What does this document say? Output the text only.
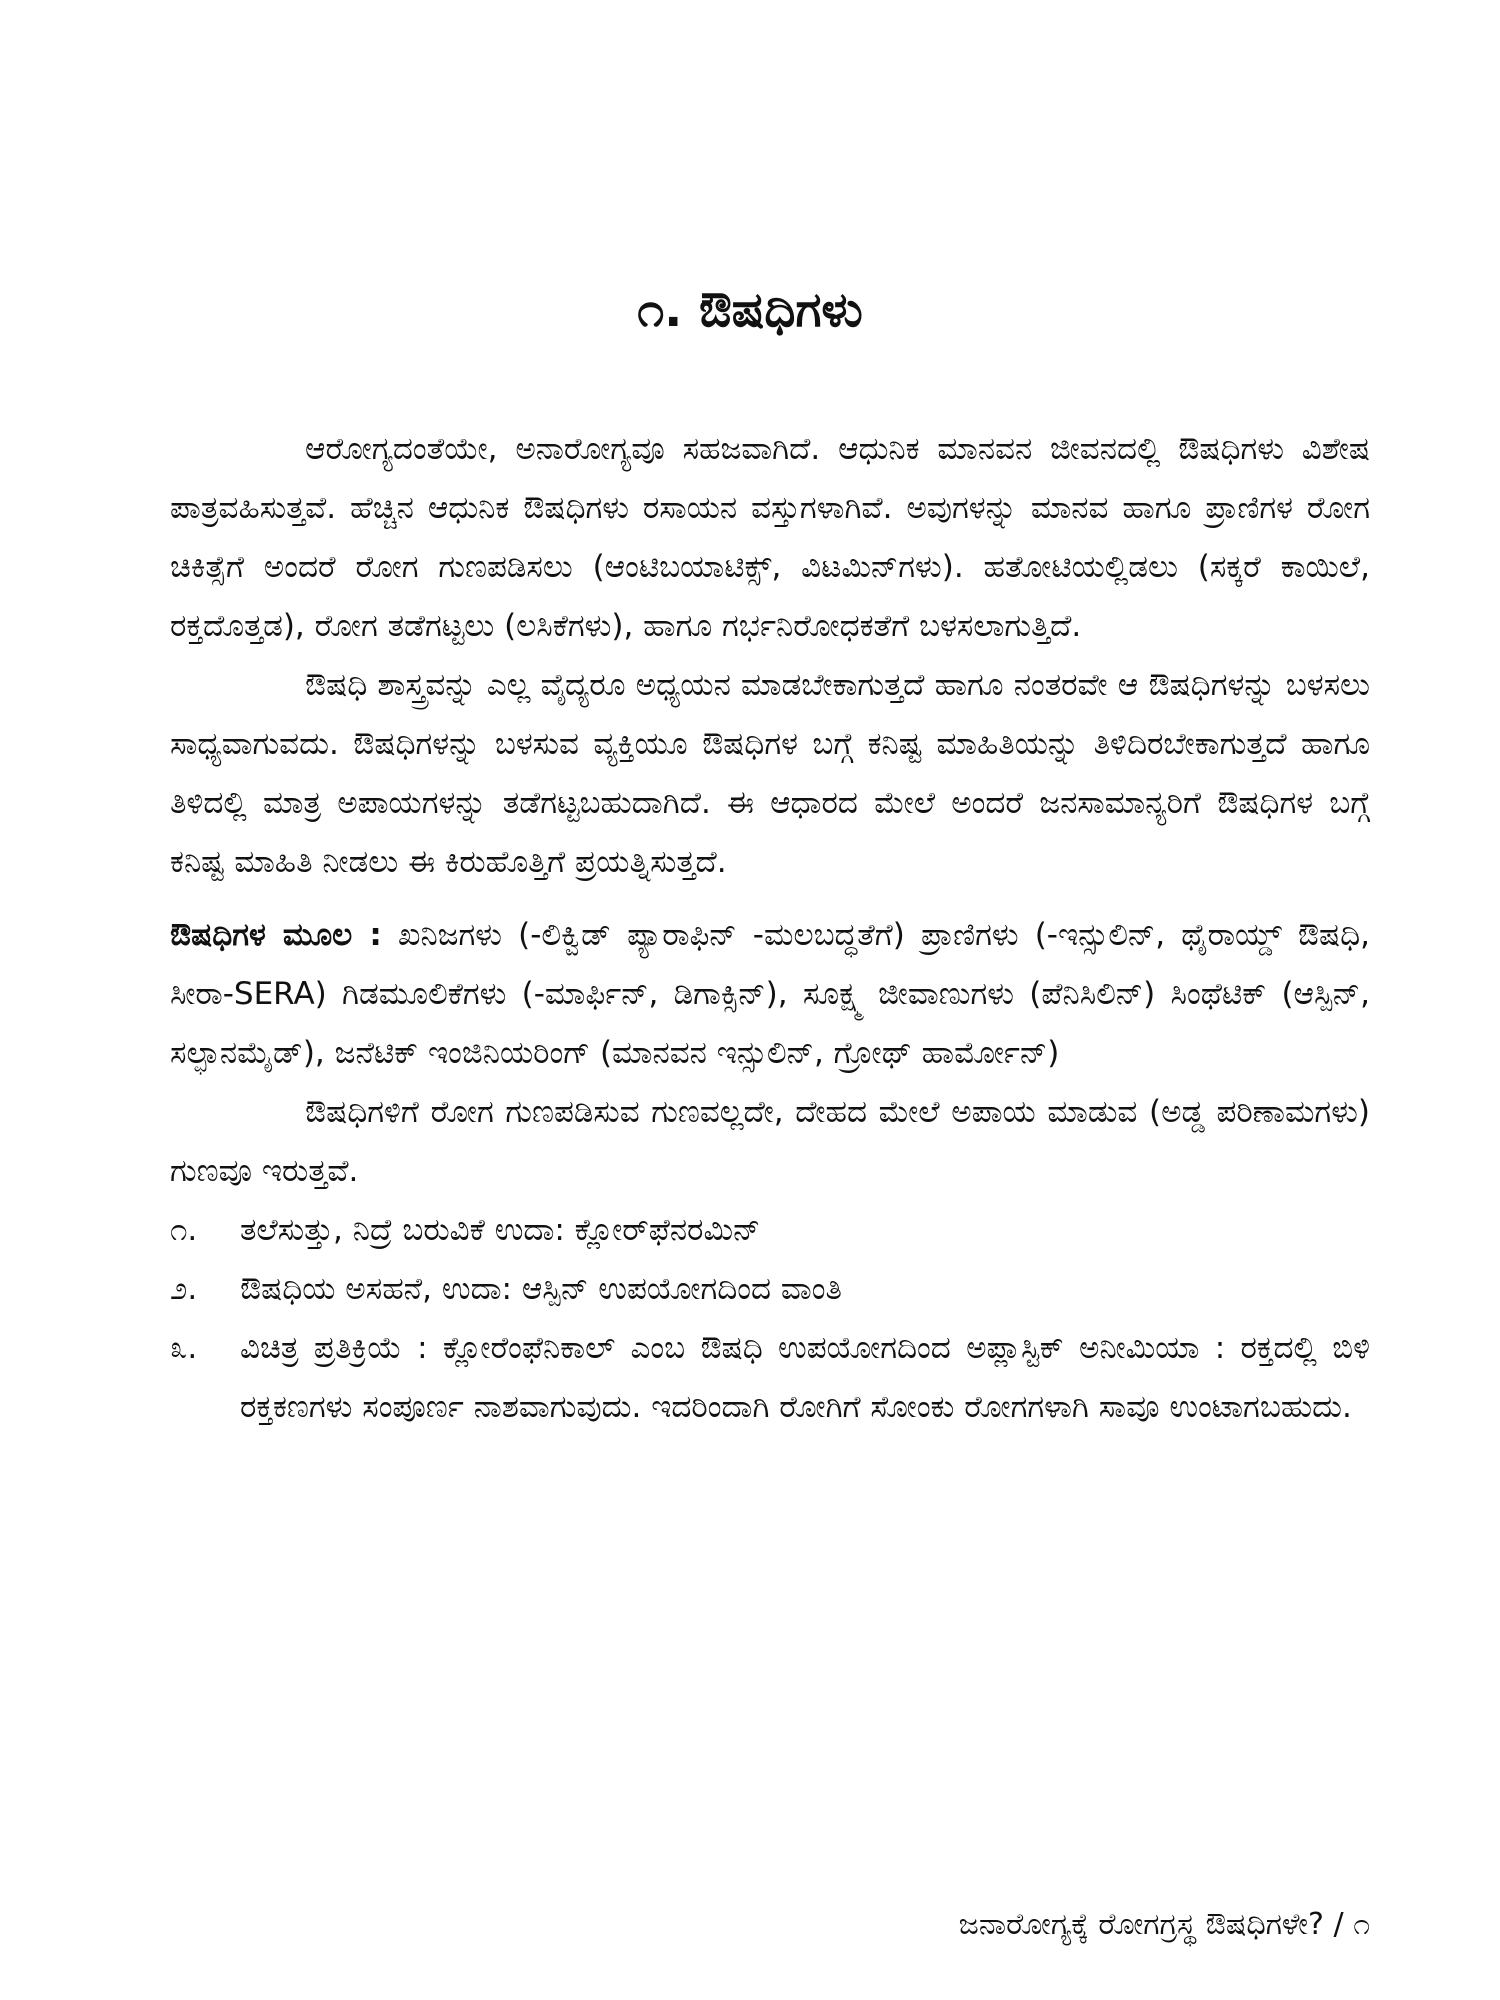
೧. ಔಷಧಿಗಳು

ಆರೋಗ್ಯದಂತೆಯೇ, ಅನಾರೋಗ್ಯವೂ ಸಹಜವಾಗಿದೆ. ಆಧುನಿಕ ಮಾನವನ ಜೀವನದಲ್ಲಿ ಔಷಧಿಗಳು ವಿಶೇಷ ಪಾತ್ರವಹಿಸುತ್ತವೆ. ಹೆಚ್ಚಿನ ಆಧುನಿಕ ಔಷಧಿಗಳು ರಸಾಯನ ವಸ್ತುಗಳಾಗಿವೆ. ಅವುಗಳನ್ನು ಮಾನವ ಹಾಗೂ ಪ್ರಾಣಿಗಳ ರೋಗ ಚಿಕಿತ್ಸೆಗೆ ಅಂದರೆ ರೋಗ ಗುಣಪಡಿಸಲು (ಆಂಟಿಬಯಾಟಿಕ್ಸ್, ವಿಟಮಿನ್‌ಗಳು). ಹತೋಟಿಯಲ್ಲಿಡಲು (ಸಕ್ಕರೆ ಕಾಯಿಲೆ, ರಕ್ತದೊತ್ತಡ), ರೋಗ ತಡೆಗಟ್ಟಲು (ಲಸಿಕೆಗಳು), ಹಾಗೂ ಗರ್ಭನಿರೋಧಕತೆಗೆ ಬಳಸಲಾಗುತ್ತಿದೆ.

ಔಷಧಿ ಶಾಸ್ತ್ರವನ್ನು ಎಲ್ಲ ವೈದ್ಯರೂ ಅಧ್ಯಯನ ಮಾಡಬೇಕಾಗುತ್ತದೆ ಹಾಗೂ ನಂತರವೇ ಆ ಔಷಧಿಗಳನ್ನು ಬಳಸಲು ಸಾಧ್ಯವಾಗುವದು. ಔಷಧಿಗಳನ್ನು ಬಳಸುವ ವ್ಯಕ್ತಿಯೂ ಔಷಧಿಗಳ ಬಗ್ಗೆ ಕನಿಷ್ಟ ಮಾಹಿತಿಯನ್ನು ತಿಳಿದಿರಬೇಕಾಗುತ್ತದೆ ಹಾಗೂ ತಿಳಿದಲ್ಲಿ ಮಾತ್ರ ಅಪಾಯಗಳನ್ನು ತಡೆಗಟ್ಟಬಹುದಾಗಿದೆ. ಈ ಆಧಾರದ ಮೇಲೆ ಅಂದರೆ ಜನಸಾಮಾನ್ಯರಿಗೆ ಔಷಧಿಗಳ ಬಗ್ಗೆ ಕನಿಷ್ಟ ಮಾಹಿತಿ ನೀಡಲು ಈ ಕಿರುಹೊತ್ತಿಗೆ ಪ್ರಯತ್ನಿಸುತ್ತದೆ.

ಔಷಧಿಗಳ ಮೂಲ : ಖನಿಜಗಳು (-ಲಿಕ್ವಿಡ್ ಪ್ಯಾರಾಫಿನ್ -ಮಲಬದ್ಧತೆಗೆ) ಪ್ರಾಣಿಗಳು (-ಇನ್ಸುಲಿನ್, ಥೈರಾಯ್ಡ್ ಔಷಧಿ, ಸೀರಾ-SERA) ಗಿಡಮೂಲಿಕೆಗಳು (-ಮಾರ್ಫಿನ್, ಡಿಗಾಕ್ಸಿನ್), ಸೂಕ್ಷ್ಮ ಜೀವಾಣುಗಳು (ಪೆನಿಸಿಲಿನ್) ಸಿಂಥೆಟಿಕ್ (ಆಸ್ಪಿನ್, ಸಲ್ಫಾನಮೈಡ್), ಜನೆಟಿಕ್ ಇಂಜಿನಿಯರಿಂಗ್ (ಮಾನವನ ಇನ್ಸುಲಿನ್, ಗ್ರೋಥ್ ಹಾರ್ಮೋನ್)

ಔಷಧಿಗಳಿಗೆ ರೋಗ ಗುಣಪಡಿಸುವ ಗುಣವಲ್ಲದೇ, ದೇಹದ ಮೇಲೆ ಅಪಾಯ ಮಾಡುವ (ಅಡ್ಡ ಪರಿಣಾಮಗಳು) ಗುಣವೂ ಇರುತ್ತವೆ.

೧.	ತಲೆಸುತ್ತು, ನಿದ್ರೆ ಬರುವಿಕೆ ಉದಾ: ಕ್ಲೋರ್‌ಫೆನರಮಿನ್
೨.	ಔಷಧಿಯ ಅಸಹನೆ, ಉದಾ: ಆಸ್ಪಿನ್ ಉಪಯೋಗದಿಂದ ವಾಂತಿ
೩.	ವಿಚಿತ್ರ ಪ್ರತಿಕ್ರಿಯೆ : ಕ್ಲೋರೆಂಫೆನಿಕಾಲ್ ಎಂಬ ಔಷಧಿ ಉಪಯೋಗದಿಂದ ಅಪ್ಲಾಸ್ಟಿಕ್ ಅನೀಮಿಯಾ : ರಕ್ತದಲ್ಲಿ ಬಿಳಿ ರಕ್ತಕಣಗಳು ಸಂಪೂರ್ಣ ನಾಶವಾಗುವುದು. ಇದರಿಂದಾಗಿ ರೋಗಿಗೆ ಸೋಂಕು ರೋಗಗಳಾಗಿ ಸಾವೂ ಉಂಟಾಗಬಹುದು.
ಜನಾರೋಗ್ಯಕ್ಕೆ ರೋಗಗ್ರಸ್ಥ ಔಷಧಿಗಳೇ? / ೧
